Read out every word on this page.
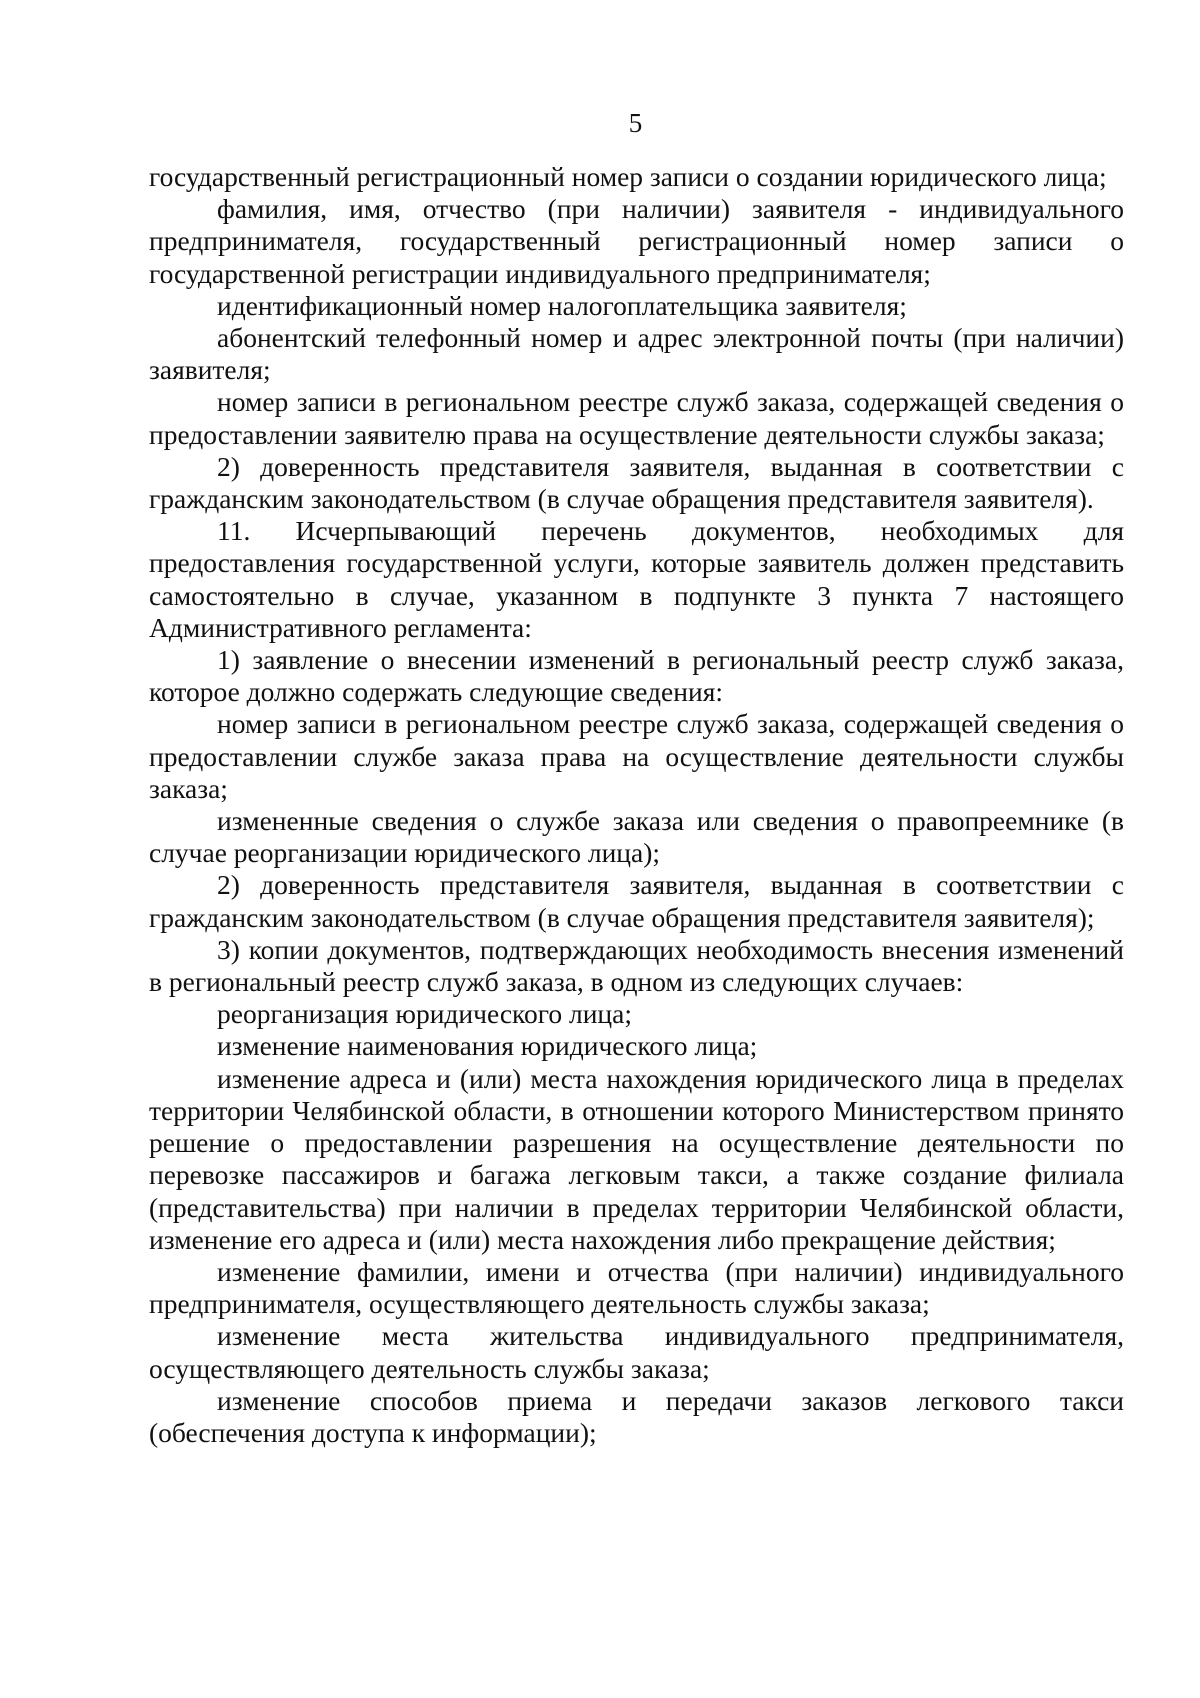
5

государственный регистрационный номер записи о создании юридического лица;

фамилия, имя, отчество (при наличии) заявителя - индивидуального предпринимателя, государственный регистрационный номер записи о государственной регистрации индивидуального предпринимателя;

идентификационный номер налогоплательщика заявителя;

абонентский телефонный номер и адрес электронной почты (при наличии) заявителя;

номер записи в региональном реестре служб заказа, содержащей сведения о предоставлении заявителю права на осуществление деятельности службы заказа;

2) доверенность представителя заявителя, выданная в соответствии с гражданским законодательством (в случае обращения представителя заявителя).

11. Исчерпывающий перечень документов, необходимых для предоставления государственной услуги, которые заявитель должен представить самостоятельно в случае, указанном в подпункте 3 пункта 7 настоящего Административного регламента:

1) заявление о внесении изменений в региональный реестр служб заказа, которое должно содержать следующие сведения:

номер записи в региональном реестре служб заказа, содержащей сведения о предоставлении службе заказа права на осуществление деятельности службы заказа;

измененные сведения о службе заказа или сведения о правопреемнике (в случае реорганизации юридического лица);

2) доверенность представителя заявителя, выданная в соответствии с гражданским законодательством (в случае обращения представителя заявителя);

3) копии документов, подтверждающих необходимость внесения изменений в региональный реестр служб заказа, в одном из следующих случаев:

реорганизация юридического лица;

изменение наименования юридического лица;

изменение адреса и (или) места нахождения юридического лица в пределах территории Челябинской области, в отношении которого Министерством принято решение о предоставлении разрешения на осуществление деятельности по перевозке пассажиров и багажа легковым такси, а также создание филиала (представительства) при наличии в пределах территории Челябинской области, изменение его адреса и (или) места нахождения либо прекращение действия;

изменение фамилии, имени и отчества (при наличии) индивидуального предпринимателя, осуществляющего деятельность службы заказа;

изменение места жительства индивидуального предпринимателя, осуществляющего деятельность службы заказа;

изменение способов приема и передачи заказов легкового такси (обеспечения доступа к информации);
